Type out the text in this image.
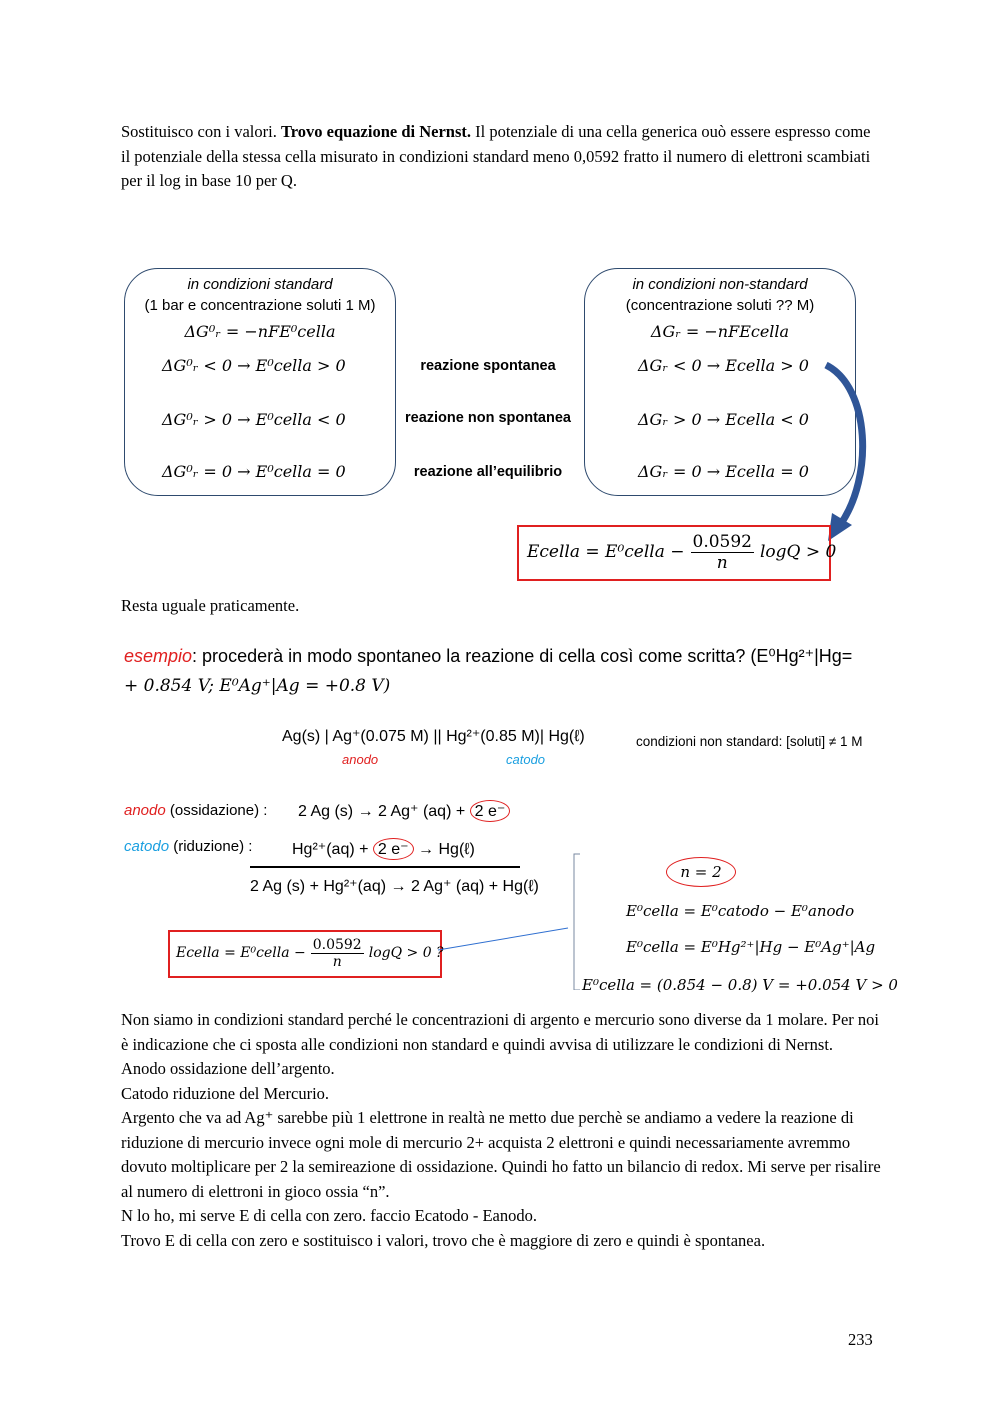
Sostituisco con i valori. Trovo equazione di Nernst. Il potenziale di una cella generica ouò essere espresso come il potenziale della stessa cella misurato in condizioni standard meno 0,0592 fratto il numero di elettroni scambiati per il log in base 10 per Q.

in condizioni standard
(1 bar e concentrazione soluti 1 M)
ΔG⁰ᵣ = −nFE⁰cella
ΔG⁰ᵣ < 0 → E⁰cella > 0
ΔG⁰ᵣ > 0 → E⁰cella < 0
ΔG⁰ᵣ = 0 → E⁰cella = 0
reazione spontanea
reazione non spontanea
reazione all’equilibrio
in condizioni non-standard
(concentrazione soluti ?? M)
ΔGᵣ = −nFEcella
ΔGᵣ < 0 → Ecella > 0
ΔGᵣ > 0 → Ecella < 0
ΔGᵣ = 0 → Ecella = 0
Ecella = E⁰cella − $\frac{0.0592}{n}$ logQ > 0

Resta uguale praticamente.

esempio: procederà in modo spontaneo la reazione di cella così come scritta? (E⁰Hg²⁺|Hg=
+ 0.854 V; E⁰Ag⁺|Ag = +0.8 V)
Ag(s) | Ag⁺(0.075 M) || Hg²⁺(0.85 M)| Hg(ℓ)
anodo	catodo
condizioni non standard: [soluti] ≠ 1 M
anodo (ossidazione) : 2 Ag (s) → 2 Ag⁺ (aq) + 2 e⁻
catodo (riduzione) : Hg²⁺(aq) + 2 e⁻ → Hg(ℓ)
2 Ag (s) + Hg²⁺(aq) → 2 Ag⁺ (aq) + Hg(ℓ)
Ecella = E⁰cella − $\frac{0.0592}{n}$ logQ > 0 ?
n = 2
E⁰cella = E⁰catodo − E⁰anodo
E⁰cella = E⁰Hg²⁺|Hg − E⁰Ag⁺|Ag
E⁰cella = (0.854 − 0.8) V = +0.054 V > 0
Non siamo in condizioni standard perché le concentrazioni di argento e mercurio sono diverse da 1 molare. Per noi è indicazione che ci sposta alle condizioni non standard e quindi avvisa di utilizzare le condizioni di Nernst.
Anodo ossidazione dell’argento.
Catodo riduzione del Mercurio.
Argento che va ad Ag⁺ sarebbe più 1 elettrone in realtà ne metto due perchè se andiamo a vedere la reazione di riduzione di mercurio invece ogni mole di mercurio 2+ acquista 2 elettroni e quindi necessariamente avremmo dovuto moltiplicare per 2 la semireazione di ossidazione. Quindi ho fatto un bilancio di redox. Mi serve per risalire al numero di elettroni in gioco ossia “n”.
N lo ho, mi serve E di cella con zero. faccio Ecatodo - Eanodo.
Trovo E di cella con zero e sostituisco i valori, trovo che è maggiore di zero e quindi è spontanea.
233
